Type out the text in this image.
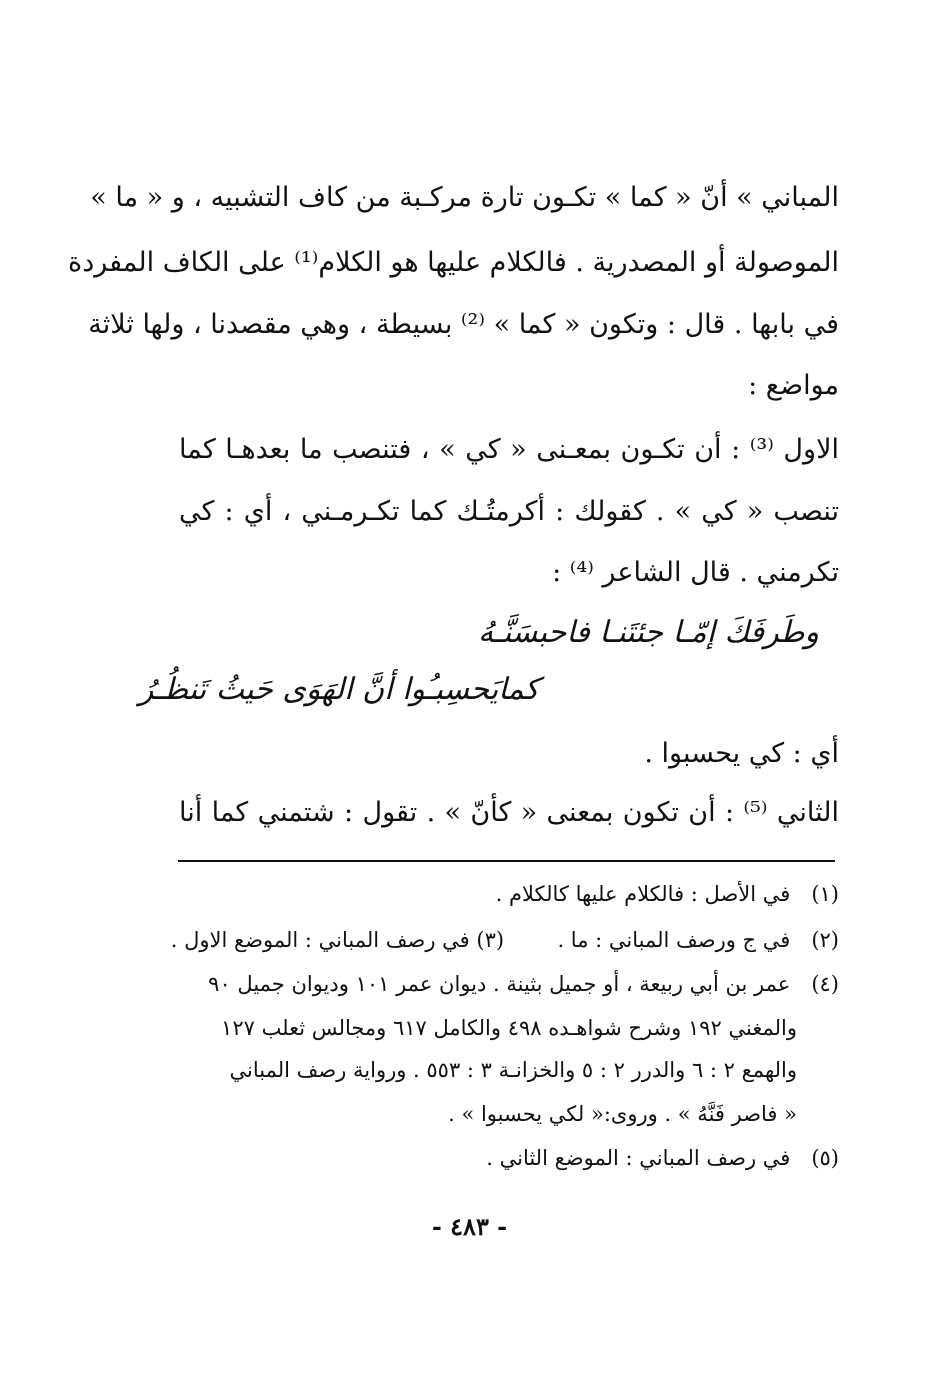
المباني » أنّ « كما » تكـون تارة مركـبة من كاف التشبيه ، و « ما »
الموصولة أو المصدرية . فالكلام عليها هو الكلام⁽¹⁾ على الكاف المفردة
في بابها . قال : وتكون « كما » ⁽²⁾ بسيطة ، وهي مقصدنا ، ولها ثلاثة
مواضع :
الاول ⁽³⁾ : أن تكـون بمعـنى « كي » ، فتنصب ما بعدهـا كما
تنصب « كي » . كقولك : أكرمتُـك كما تكـرمـني ، أي : كي
تكرمني . قال الشاعر ⁽⁴⁾ :
وطَرفَكَ إمّـا جئتَنـا فاحبسَنَّـهُ
كمايَحسِبـُوا أنَّ الهَوَى حَيثُ تَنظُـرُ
أي : كي يحسبوا .
الثاني ⁽⁵⁾ : أن تكون بمعنى « كأنّ » . تقول : شتمني كما أنا
(١) في الأصل : فالكلام عليها كالكلام .
(٢) في ج ورصف المباني : ما .        (٣) في رصف المباني : الموضع الاول .
(٤) عمر بن أبي ربيعة ، أو جميل بثينة . ديوان عمر ١٠١ وديوان جميل ٩٠
والمغني ١٩٢ وشرح شواهـده ٤٩٨ والكامل ٦١٧ ومجالس ثعلب ١٢٧
والهمع ٢ : ٦ والدرر ٢ : ٥ والخزانـة ٣ : ٥٥٣ . ورواية رصف المباني
« فاصر فَنَّهُ » . وروى:« لكي يحسبوا » .
(٥) في رصف المباني : الموضع الثاني .
- ٤٨٣ -
